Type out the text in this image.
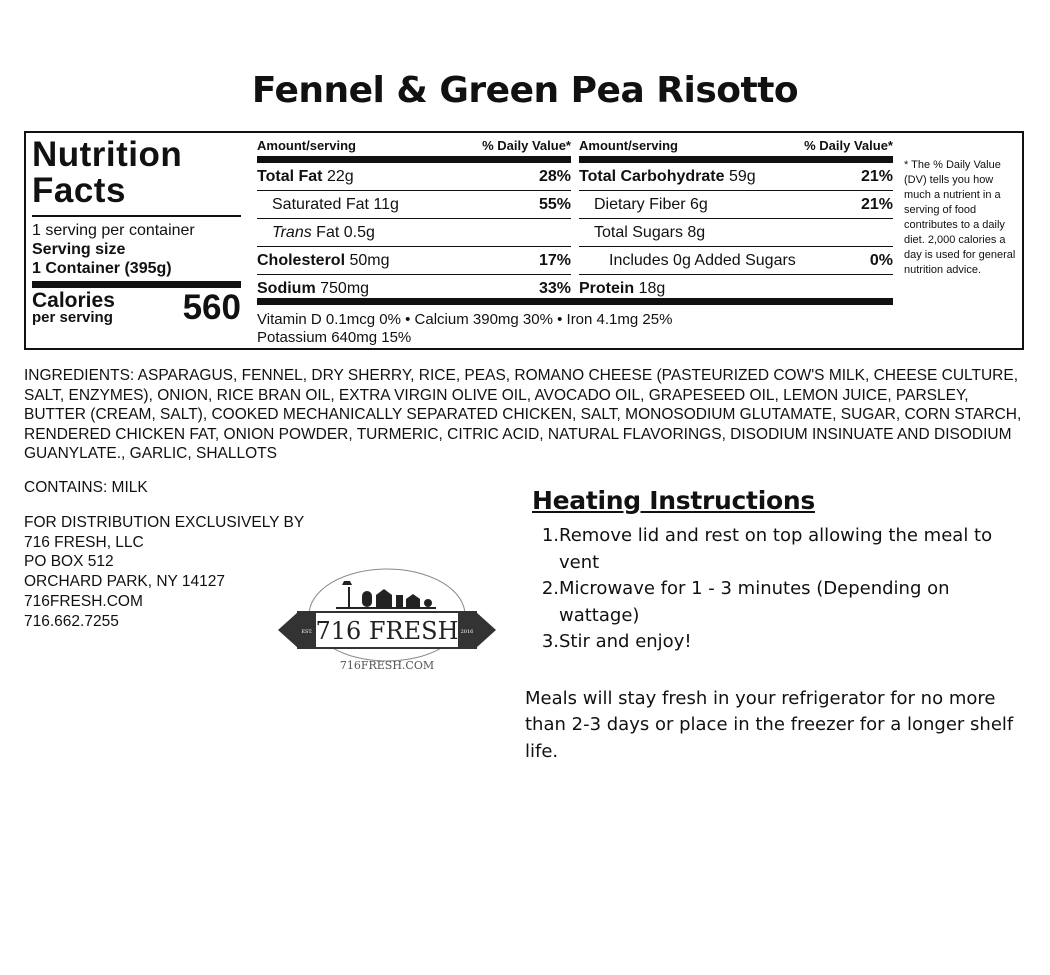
Fennel & Green Pea Risotto
Nutrition
Facts
1 serving per container
Serving size
1 Container (395g)
Calories
per serving 560
Amount/serving	% Daily Value*
Total Fat 22g	28%
Saturated Fat 11g	55%
Trans Fat 0.5g
Cholesterol 50mg	17%
Sodium 750mg	33%
Amount/serving	% Daily Value*
Total Carbohydrate 59g	21%
Dietary Fiber 6g	21%
Total Sugars 8g
Includes 0g Added Sugars	0%
Protein 18g
Vitamin D 0.1mcg 0% • Calcium 390mg 30% • Iron 4.1mg 25%
Potassium 640mg 15%
* The % Daily Value (DV) tells you how much a nutrient in a serving of food contributes to a daily diet. 2,000 calories a day is used for general nutrition advice.
INGREDIENTS: ASPARAGUS, FENNEL, DRY SHERRY, RICE, PEAS, ROMANO CHEESE (PASTEURIZED COW'S MILK, CHEESE CULTURE, SALT, ENZYMES), ONION, RICE BRAN OIL, EXTRA VIRGIN OLIVE OIL, AVOCADO OIL, GRAPESEED OIL, LEMON JUICE, PARSLEY, BUTTER (CREAM, SALT), COOKED MECHANICALLY SEPARATED CHICKEN, SALT, MONOSODIUM GLUTAMATE, SUGAR, CORN STARCH, RENDERED CHICKEN FAT, ONION POWDER, TURMERIC, CITRIC ACID, NATURAL FLAVORINGS, DISODIUM INSINUATE AND DISODIUM GUANYLATE., GARLIC, SHALLOTS
CONTAINS: MILK
FOR DISTRIBUTION EXCLUSIVELY BY
716 FRESH, LLC
PO BOX 512
ORCHARD PARK, NY 14127
716FRESH.COM
716.662.7255
EST.	2016
716 FRESH
716FRESH.COM
Heating Instructions
1. Remove lid and rest on top allowing the meal to vent
2. Microwave for 1 - 3 minutes (Depending on wattage)
3. Stir and enjoy!
Meals will stay fresh in your refrigerator for no more than 2-3 days or place in the freezer for a longer shelf life.
